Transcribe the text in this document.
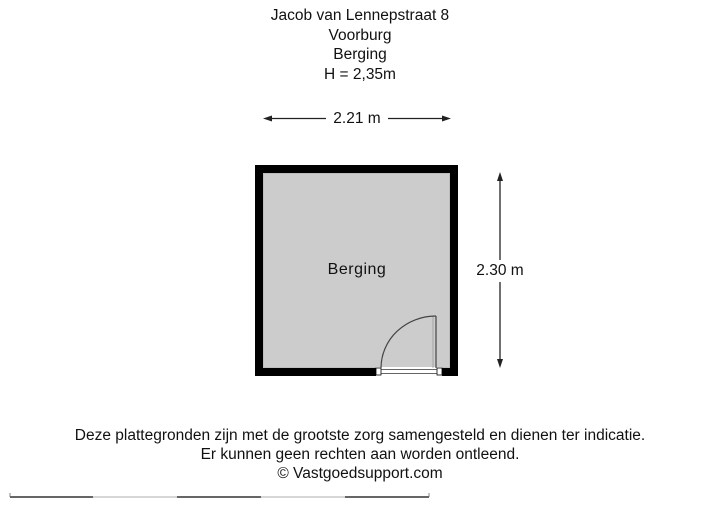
Jacob van Lennepstraat 8
Voorburg
Berging
H = 2,35m
2.21 m
2.30 m
Berging
Deze plattegronden zijn met de grootste zorg samengesteld en dienen ter indicatie.
Er kunnen geen rechten aan worden ontleend.
© Vastgoedsupport.com
